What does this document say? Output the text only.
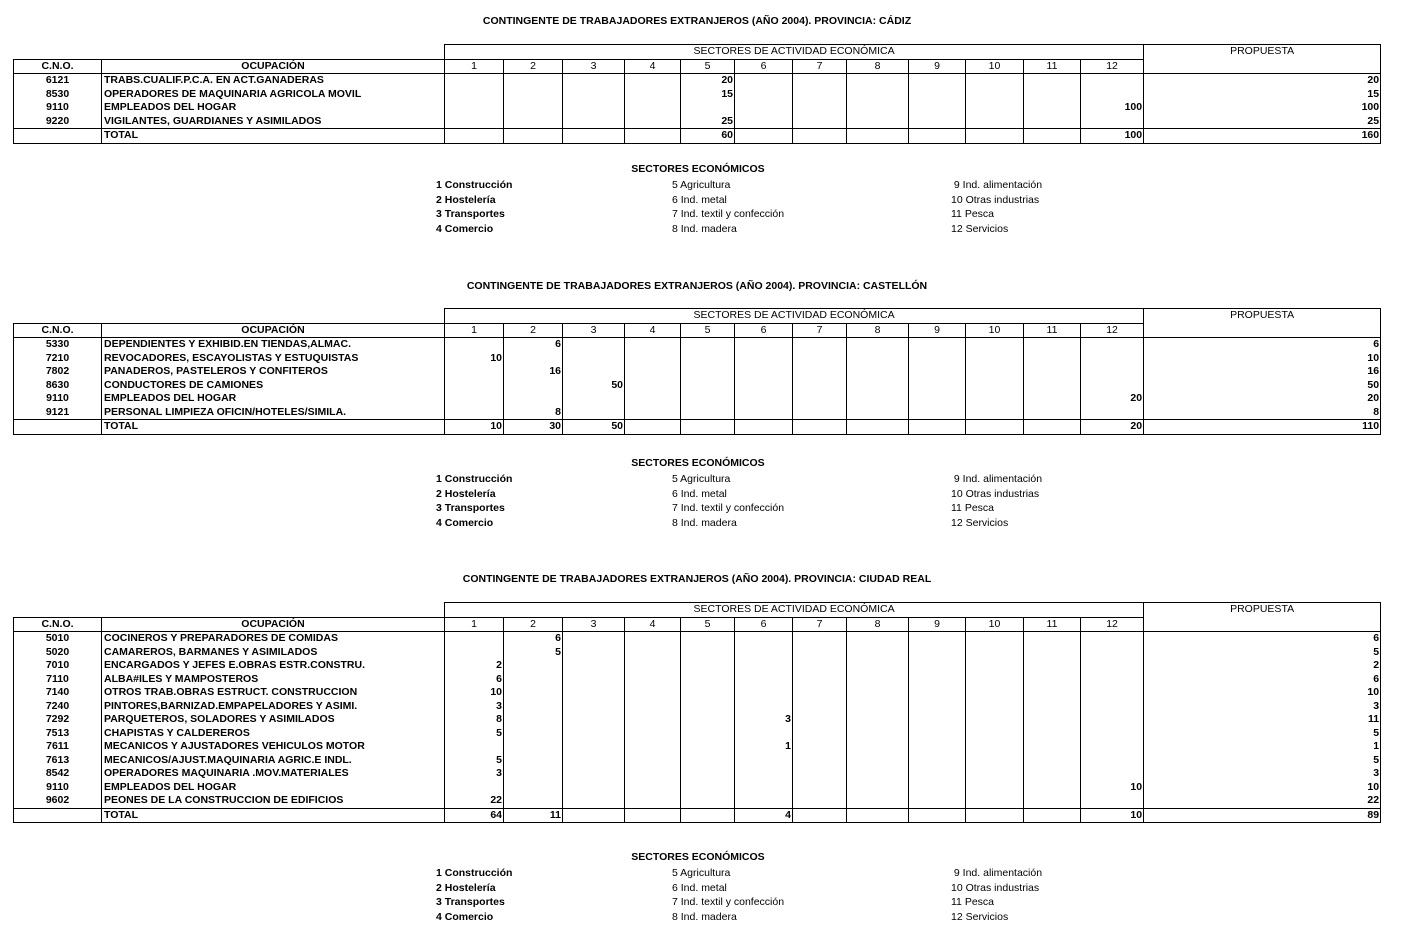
CONTINGENTE DE TRABAJADORES EXTRANJEROS (AÑO 2004). PROVINCIA: CÁDIZ
		SECTORES DE ACTIVIDAD ECONÓMICA												PROPUESTA
C.N.O.	OCUPACIÓN	1	2	3	4	5	6	7	8	9	10	11	12	
6121	TRABS.CUALIF.P.C.A. EN ACT.GANADERAS					20								20
8530	OPERADORES DE MAQUINARIA AGRICOLA MOVIL					15								15
9110	EMPLEADOS DEL HOGAR												100	100
9220	VIGILANTES, GUARDIANES Y ASIMILADOS					25								25
	TOTAL					60							100	160
SECTORES ECONÓMICOS
1 Construcción
2 Hostelería
3 Transportes
4 Comercio
5 Agricultura
6 Ind. metal
7 Ind. textil y confección
8 Ind. madera
9 Ind. alimentación
10 Otras industrias
11 Pesca
12 Servicios
CONTINGENTE DE TRABAJADORES EXTRANJEROS (AÑO 2004). PROVINCIA: CASTELLÓN
		SECTORES DE ACTIVIDAD ECONÓMICA												PROPUESTA
C.N.O.	OCUPACIÓN	1	2	3	4	5	6	7	8	9	10	11	12	
5330	DEPENDIENTES Y EXHIBID.EN TIENDAS,ALMAC.		6											6
7210	REVOCADORES, ESCAYOLISTAS Y ESTUQUISTAS	10												10
7802	PANADEROS, PASTELEROS Y CONFITEROS		16											16
8630	CONDUCTORES DE CAMIONES			50										50
9110	EMPLEADOS DEL HOGAR												20	20
9121	PERSONAL LIMPIEZA OFICIN/HOTELES/SIMILA.		8											8
	TOTAL	10	30	50									20	110
SECTORES ECONÓMICOS
1 Construcción
2 Hostelería
3 Transportes
4 Comercio
5 Agricultura
6 Ind. metal
7 Ind. textil y confección
8 Ind. madera
9 Ind. alimentación
10 Otras industrias
11 Pesca
12 Servicios
CONTINGENTE DE TRABAJADORES EXTRANJEROS (AÑO 2004). PROVINCIA: CIUDAD REAL
		SECTORES DE ACTIVIDAD ECONÓMICA												PROPUESTA
C.N.O.	OCUPACIÓN	1	2	3	4	5	6	7	8	9	10	11	12	
5010	COCINEROS Y PREPARADORES DE COMIDAS		6											6
5020	CAMAREROS, BARMANES Y ASIMILADOS		5											5
7010	ENCARGADOS Y JEFES E.OBRAS ESTR.CONSTRU.	2												2
7110	ALBA#ILES Y MAMPOSTEROS	6												6
7140	OTROS TRAB.OBRAS ESTRUCT. CONSTRUCCION	10												10
7240	PINTORES,BARNIZAD.EMPAPELADORES Y ASIMI.	3												3
7292	PARQUETEROS, SOLADORES Y ASIMILADOS	8					3							11
7513	CHAPISTAS Y CALDEREROS	5												5
7611	MECANICOS Y AJUSTADORES VEHICULOS MOTOR						1							1
7613	MECANICOS/AJUST.MAQUINARIA AGRIC.E INDL.	5												5
8542	OPERADORES MAQUINARIA .MOV.MATERIALES	3												3
9110	EMPLEADOS DEL HOGAR												10	10
9602	PEONES DE LA CONSTRUCCION DE EDIFICIOS	22												22
	TOTAL	64	11				4						10	89
SECTORES ECONÓMICOS
1 Construcción
2 Hostelería
3 Transportes
4 Comercio
5 Agricultura
6 Ind. metal
7 Ind. textil y confección
8 Ind. madera
9 Ind. alimentación
10 Otras industrias
11 Pesca
12 Servicios
